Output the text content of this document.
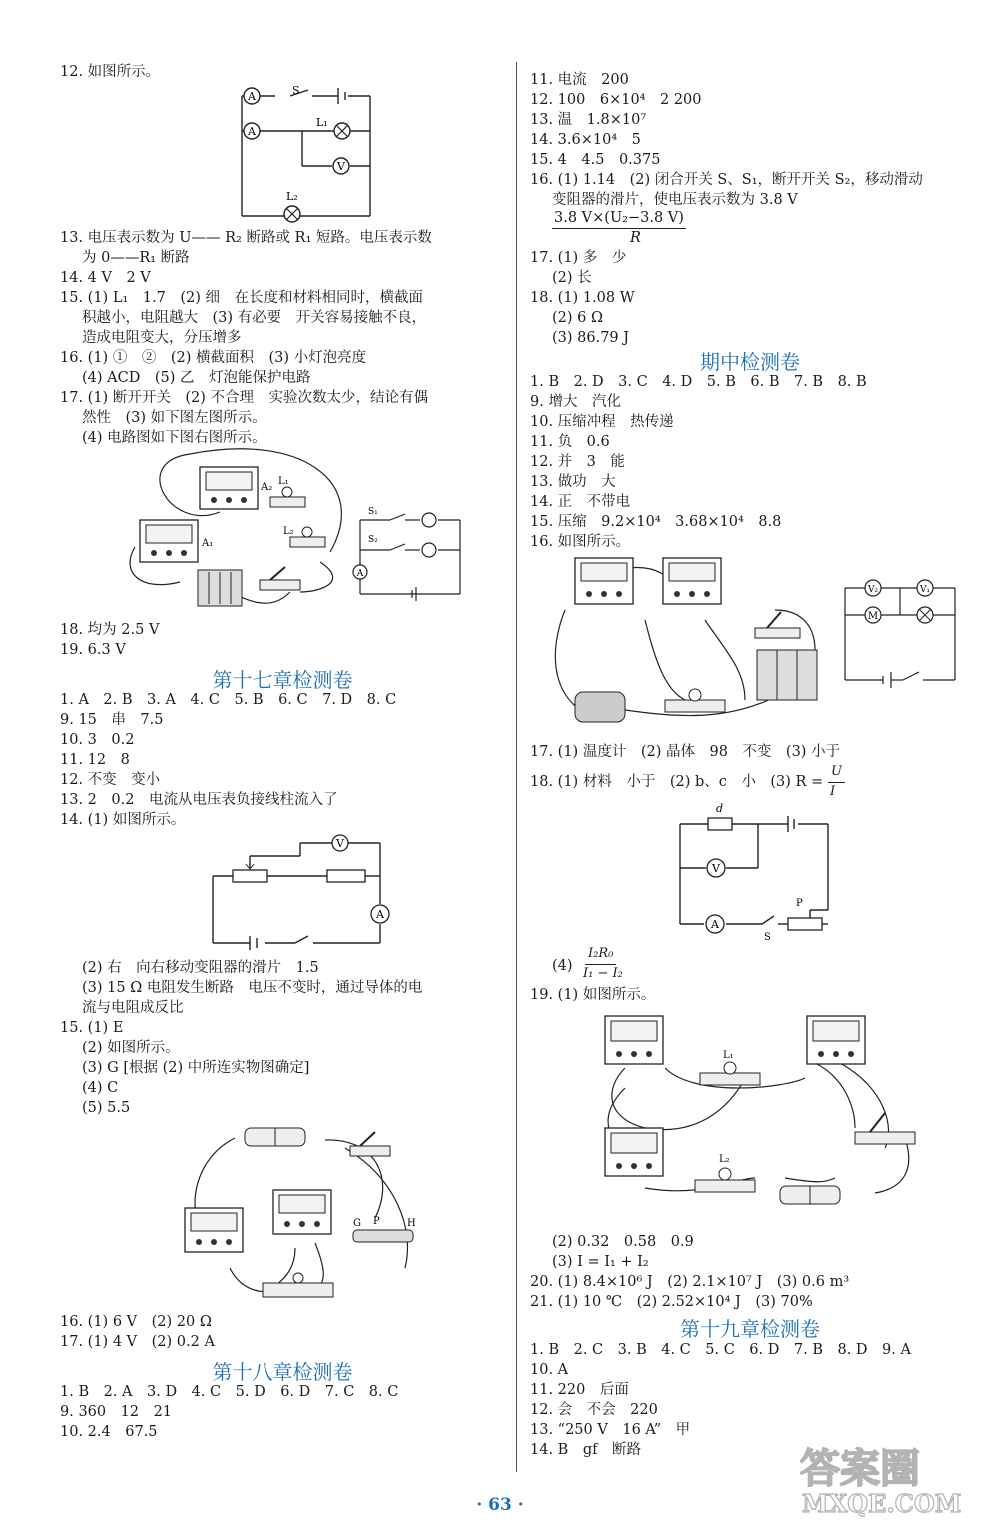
12. 如图所示。
13. 电压表示数为 U—— R₂ 断路或 R₁ 短路。电压表示数
为 0——R₁ 断路
14. 4 V　2 V
15. (1) L₁　1.7　(2) 细　在长度和材料相同时，横截面
积越小，电阻越大　(3) 有必要　开关容易接触不良，
造成电阻变大，分压增多
16. (1) ①　②　(2) 横截面积　(3) 小灯泡亮度
(4) ACD　(5) 乙　灯泡能保护电路
17. (1) 断开开关　(2) 不合理　实验次数太少，结论有偶
然性　(3) 如下图左图所示。
(4) 电路图如下图右图所示。
18. 均为 2.5 V
19. 6.3 V
1. A　2. B　3. A　4. C　5. B　6. C　7. D　8. C
9. 15　串　7.5
10. 3　0.2
11. 12　8
12. 不变　变小
13. 2　0.2　电流从电压表负接线柱流入了
14. (1) 如图所示。
(2) 右　向右移动变阻器的滑片　1.5
(3) 15 Ω 电阻发生断路　电压不变时，通过导体的电
流与电阻成反比
15. (1) E
(2) 如图所示。
(3) G [根据 (2) 中所连实物图确定]
(4) C
(5) 5.5
16. (1) 6 V　(2) 20 Ω
17. (1) 4 V　(2) 0.2 A
1. B　2. A　3. D　4. C　5. D　6. D　7. C　8. C
9. 360　12　21
10. 2.4　67.5
11. 电流　200
12. 100　6×10⁴　2 200
13. 温　1.8×10⁷
14. 3.6×10⁴　5
15. 4　4.5　0.375
16. (1) 1.14　(2) 闭合开关 S、S₁，断开开关 S₂，移动滑动
变阻器的滑片，使电压表示数为 3.8 V
17. (1) 多　少
(2) 长
18. (1) 1.08 W
(2) 6 Ω
(3) 86.79 J
1. B　2. D　3. C　4. D　5. B　6. B　7. B　8. B
9. 增大　汽化
10. 压缩冲程　热传递
11. 负　0.6
12. 并　3　能
13. 做功　大
14. 正　不带电
15. 压缩　9.2×10⁴　3.68×10⁴　8.8
16. 如图所示。
17. (1) 温度计　(2) 晶体　98　不变　(3) 小于
18. (1) 材料　小于　(2) b、c　小　(3) R =
19. (1) 如图所示。
(2) 0.32　0.58　0.9
(3) I = I₁ + I₂
20. (1) 8.4×10⁶ J　(2) 2.1×10⁷ J　(3) 0.6 m³
21. (1) 10 ℃　(2) 2.52×10⁴ J　(3) 70%
1. B　2. C　3. B　4. C　5. C　6. D　7. B　8. D　9. A
10. A
11. 220　后面
12. 会　不会　220
13. “250 V　16 A”　甲
14. B　gf　断路
第十七章检测卷
第十八章检测卷
期中检测卷
第十九章检测卷
3.8 V×(U₂−3.8 V)
R
U
I
(4)
I₂R₀
I₁ − I₂
A
A
V
S
L₁
L₂
A₂
A₁
L₁
L₂
A
S₁
S₂
V
A
G P	H
V₂	V₁
M
V
A
d
P
S
L₁
L₂
· 63 ·
答案圈
MXQE.COM
